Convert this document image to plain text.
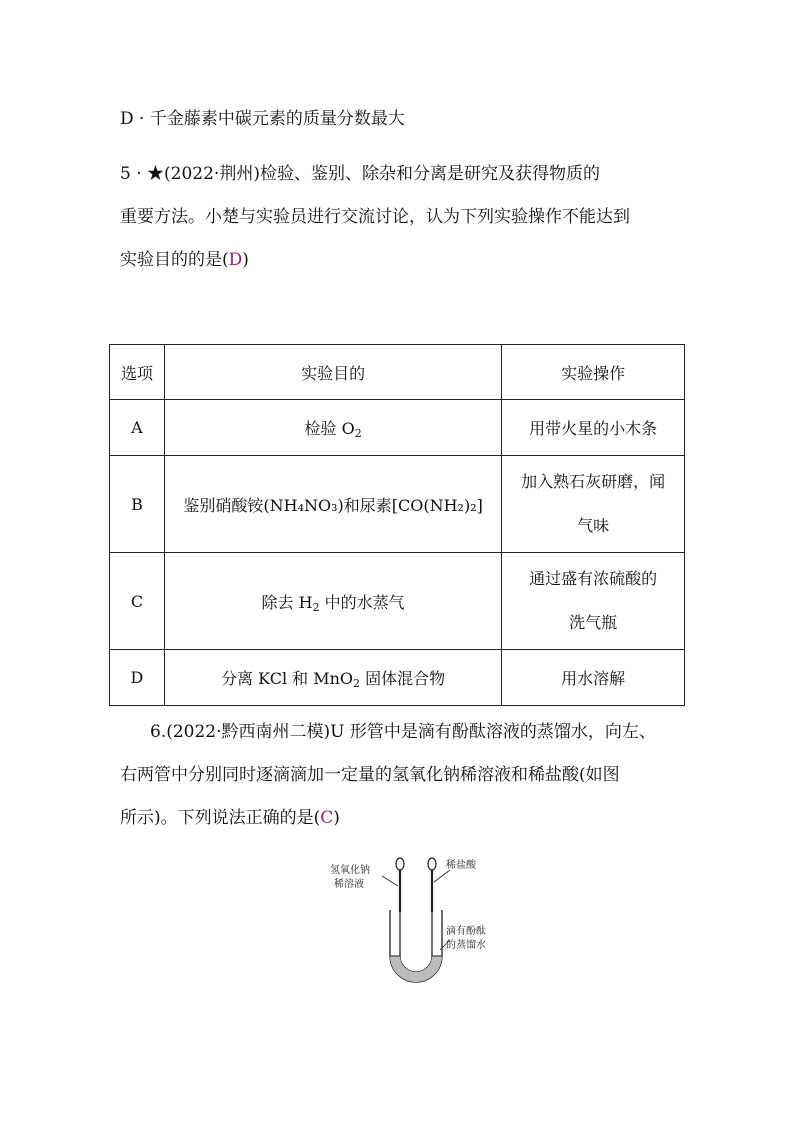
D · 千金藤素中碳元素的质量分数最大
5 · ★(2022·荆州)检验、鉴别、除杂和分离是研究及获得物质的
重要方法。小楚与实验员进行交流讨论，认为下列实验操作不能达到
实验目的的是(D)
选项	实验目的	实验操作
A	检验 $O_2$	用带火星的小木条
B	鉴别硝酸铵(NH₄NO₃)和尿素[CO(NH₂)₂]	加入熟石灰研磨，闻
气味

C	除去 $H_2$ 中的水蒸气	通过盛有浓硫酸的
洗气瓶

D	分离 KCl 和 MnO$_2$ 固体混合物	用水溶解
6.(2022·黔西南州二模)U 形管中是滴有酚酞溶液的蒸馏水，向左、
右两管中分别同时逐滴滴加一定量的氢氧化钠稀溶液和稀盐酸(如图
所示)。下列说法正确的是(C)
氢氧化钠
稀溶液
稀盐酸
滴有酚酞
的蒸馏水
